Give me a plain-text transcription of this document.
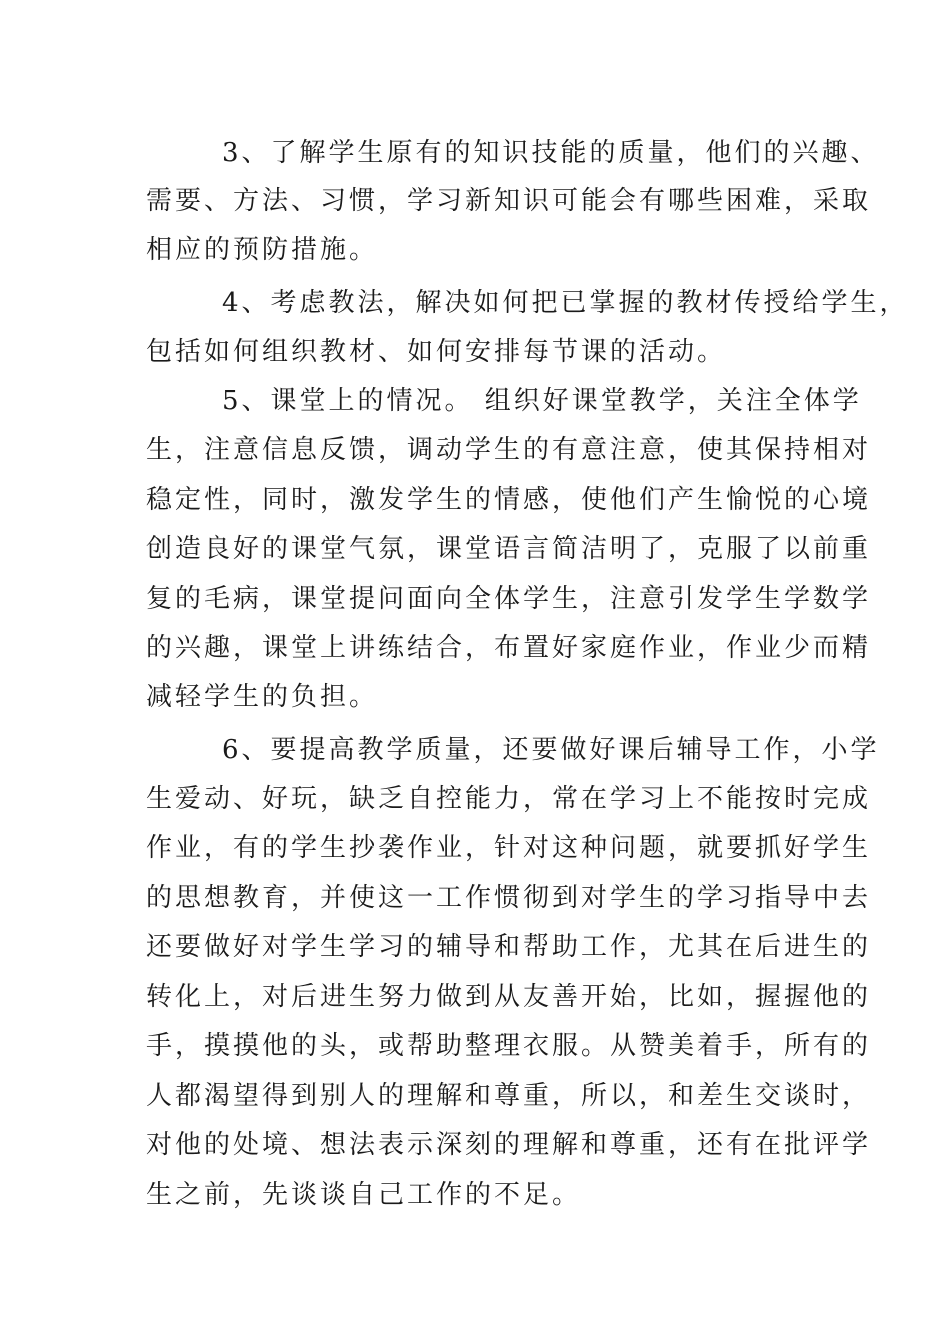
3、了解学生原有的知识技能的质量，他们的兴趣、
需要、方法、习惯，学习新知识可能会有哪些困难，采取
相应的预防措施。
4、考虑教法，解决如何把已掌握的教材传授给学生，
包括如何组织教材、如何安排每节课的活动。
5、课堂上的情况。 组织好课堂教学，关注全体学
生，注意信息反馈，调动学生的有意注意，使其保持相对
稳定性，同时，激发学生的情感，使他们产生愉悦的心境
创造良好的课堂气氛，课堂语言简洁明了，克服了以前重
复的毛病，课堂提问面向全体学生，注意引发学生学数学
的兴趣，课堂上讲练结合，布置好家庭作业，作业少而精
减轻学生的负担。
6、要提高教学质量，还要做好课后辅导工作，小学
生爱动、好玩，缺乏自控能力，常在学习上不能按时完成
作业，有的学生抄袭作业，针对这种问题，就要抓好学生
的思想教育，并使这一工作惯彻到对学生的学习指导中去
还要做好对学生学习的辅导和帮助工作，尤其在后进生的
转化上，对后进生努力做到从友善开始，比如，握握他的
手，摸摸他的头，或帮助整理衣服。从赞美着手，所有的
人都渴望得到别人的理解和尊重，所以，和差生交谈时，
对他的处境、想法表示深刻的理解和尊重，还有在批评学
生之前，先谈谈自己工作的不足。
